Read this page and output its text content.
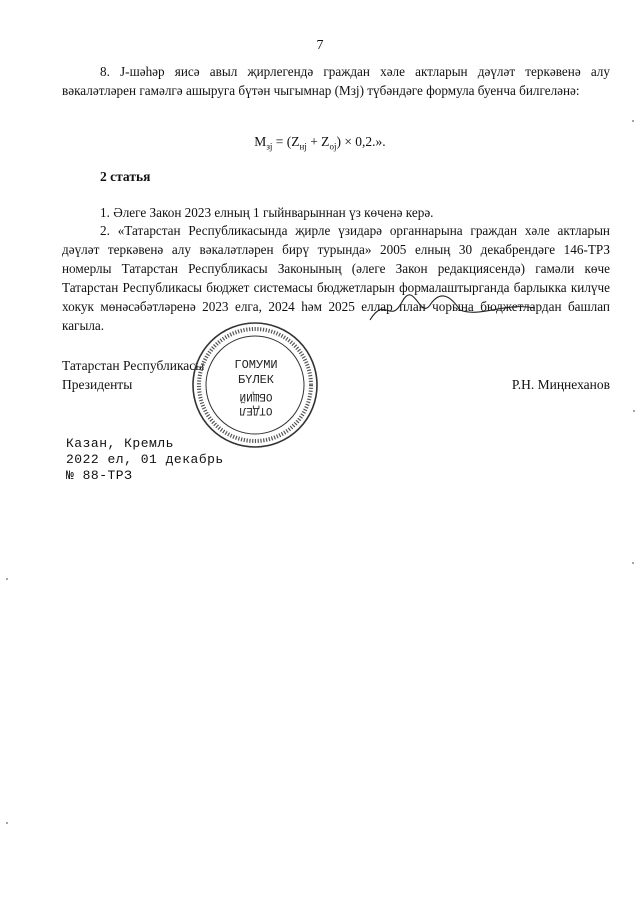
7

8. J-шәһәр яисә авыл җирлегендә граждан хәле актларын дәүләт теркәвенә алу вәкаләтләрен гамәлгә ашыруга бүтән чыгымнар (Mзj) түбәндәге формула буенча билгеләнә:

$M_{зj} = (Z_{нj} + Z_{oj}) \times 0,2$.».
2 статья

1. Әлеге Закон 2023 елның 1 гыйнварыннан үз көченә керә.

2. «Татарстан Республикасында җирле үзидарә органнарына граждан хәле актларын дәүләт теркәвенә алу вәкаләтләрен бирү турында» 2005 елның 30 декабрендәге 146-ТРЗ номерлы Татарстан Республикасы Законының (әлеге Закон редакциясендә) гамәли көче Татарстан Республикасы бюджет системасы бюджетларын формалаштырганда барлыкка килүче хокук мөнәсәбәтләренә 2023 елга, 2024 һәм 2025 еллар план чорына бюджетлардан башлап кагыла.

Татарстан Республикасы
Президенты	Р.Н. Миңнеханов
ГОМУМИ
БҮЛЕК
ОТДЕЛ
ОБЩИЙ
Казан, Кремль
2022 ел, 01 декабрь
№ 88-ТРЗ
